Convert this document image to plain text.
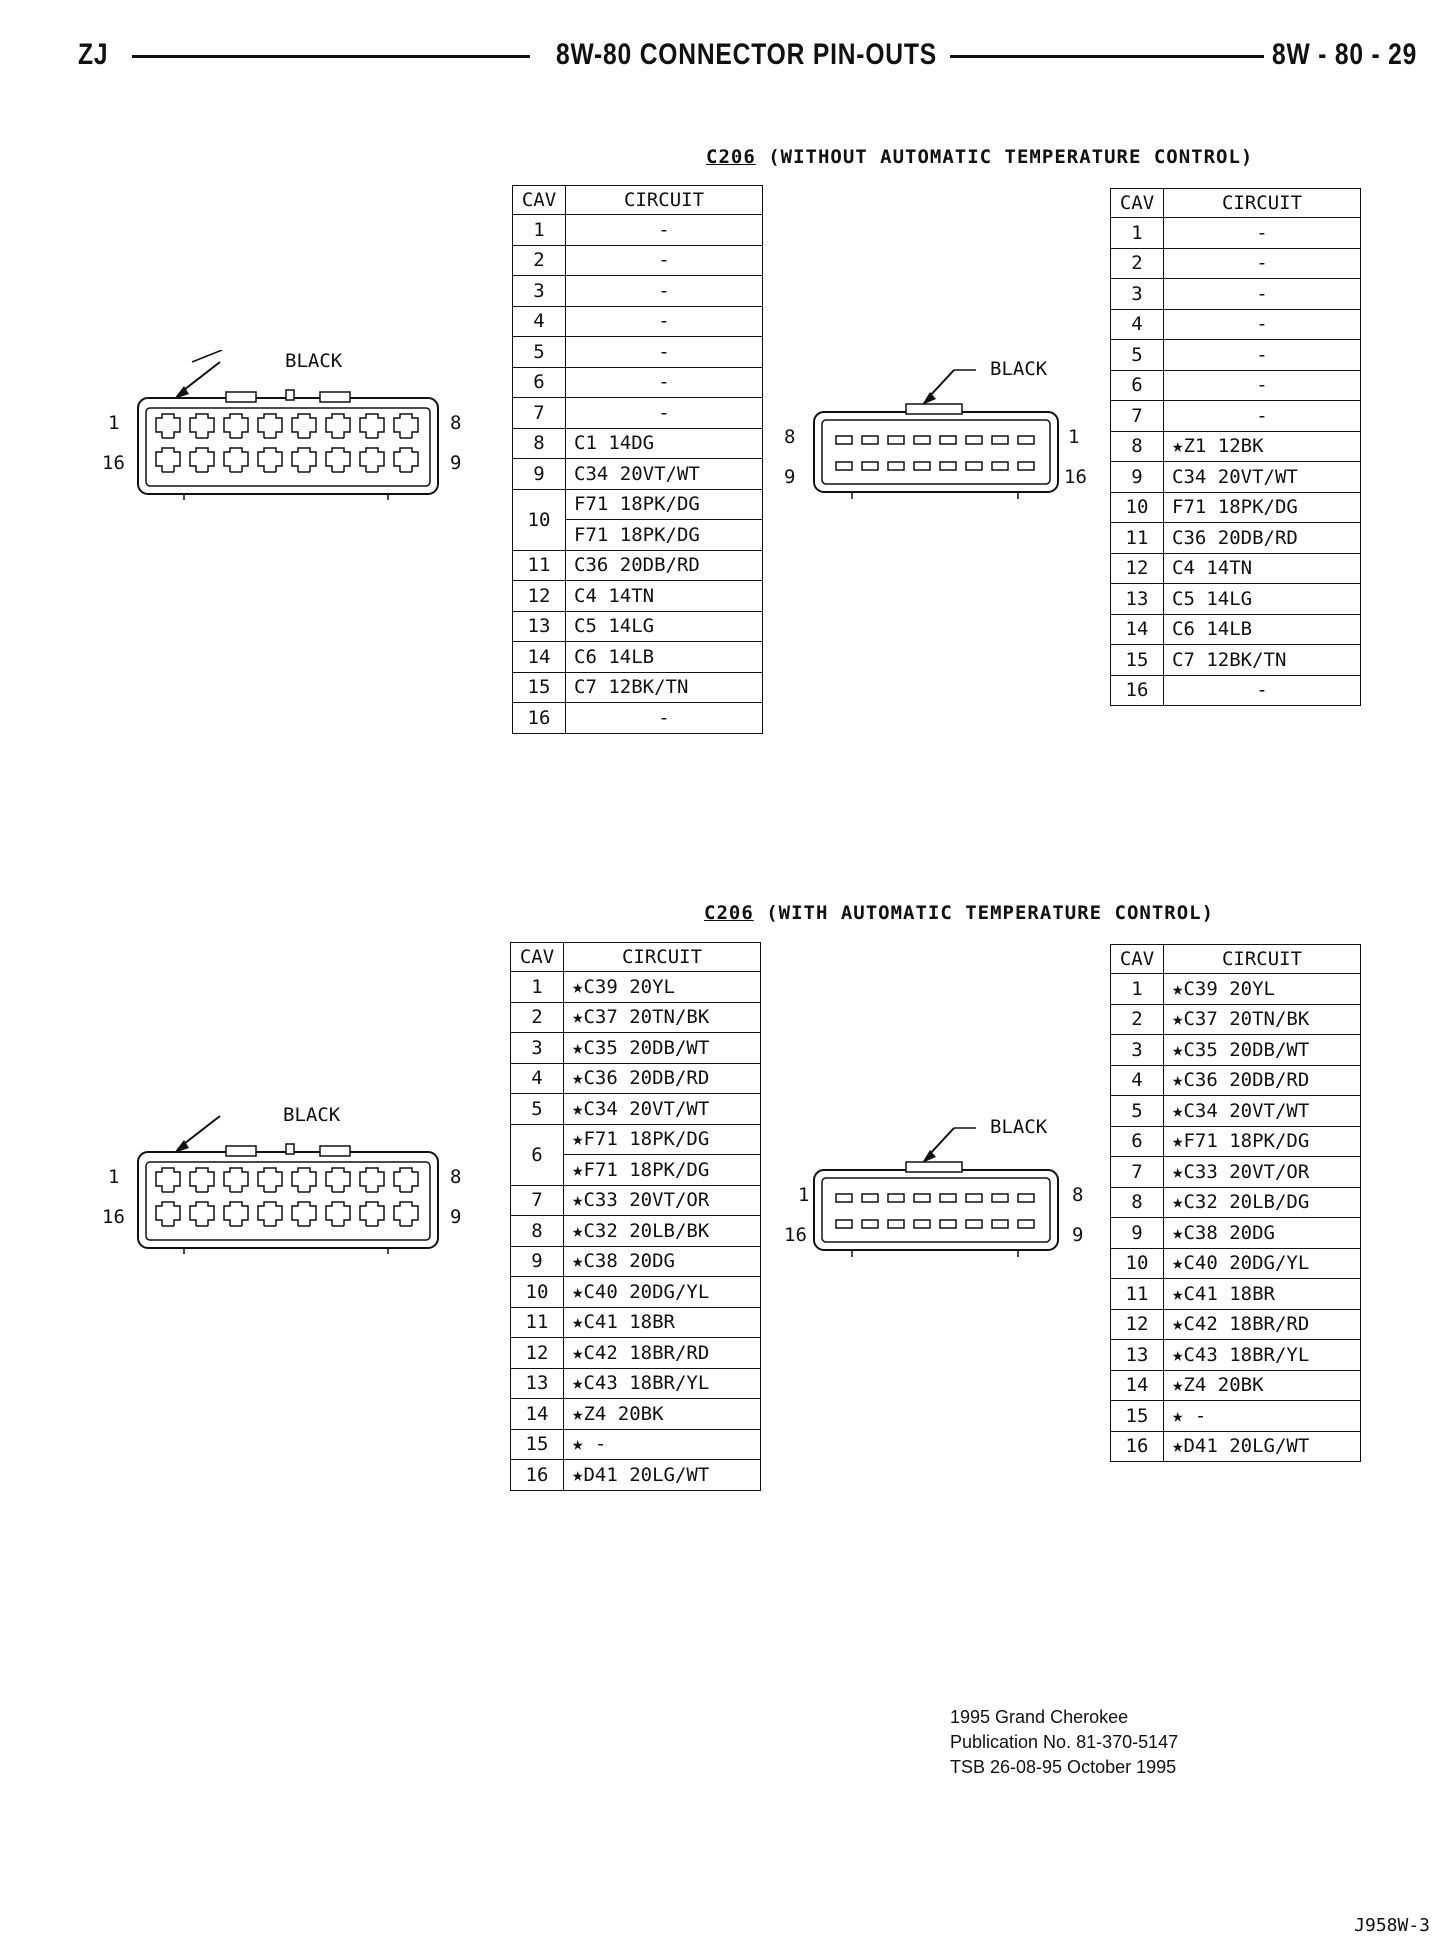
ZJ	8W-80 CONNECTOR PIN-OUTS	8W - 80 - 29
C206 (WITHOUT AUTOMATIC TEMPERATURE CONTROL)
C206 (WITH AUTOMATIC TEMPERATURE CONTROL)
CAV	CIRCUIT
1	-
2	-
3	-
4	-
5	-
6	-
7	-
8	C1 14DG
9	C34 20VT/WT
10	F71 18PK/DG
	F71 18PK/DG
11	C36 20DB/RD
12	C4 14TN
13	C5 14LG
14	C6 14LB
15	C7 12BK/TN
16	-
CAV	CIRCUIT
1	-
2	-
3	-
4	-
5	-
6	-
7	-
8	★Z1 12BK
9	C34 20VT/WT
10	F71 18PK/DG
11	C36 20DB/RD
12	C4 14TN
13	C5 14LG
14	C6 14LB
15	C7 12BK/TN
16	-
CAV	CIRCUIT
1	★C39 20YL
2	★C37 20TN/BK
3	★C35 20DB/WT
4	★C36 20DB/RD
5	★C34 20VT/WT
6	★F71 18PK/DG
	★F71 18PK/DG
7	★C33 20VT/OR
8	★C32 20LB/BK
9	★C38 20DG
10	★C40 20DG/YL
11	★C41 18BR
12	★C42 18BR/RD
13	★C43 18BR/YL
14	★Z4 20BK
15	★ -
16	★D41 20LG/WT
CAV	CIRCUIT
1	★C39 20YL
2	★C37 20TN/BK
3	★C35 20DB/WT
4	★C36 20DB/RD
5	★C34 20VT/WT
6	★F71 18PK/DG
7	★C33 20VT/OR
8	★C32 20LB/DG
9	★C38 20DG
10	★C40 20DG/YL
11	★C41 18BR
12	★C42 18BR/RD
13	★C43 18BR/YL
14	★Z4 20BK
15	★ -
16	★D41 20LG/WT
BLACK
1
16
8
9
BLACK
8
9
1
16
BLACK
1
16
8
9
BLACK
1
16
8
9
1995 Grand Cherokee
Publication No. 81-370-5147
TSB 26-08-95 October 1995
J958W-3
